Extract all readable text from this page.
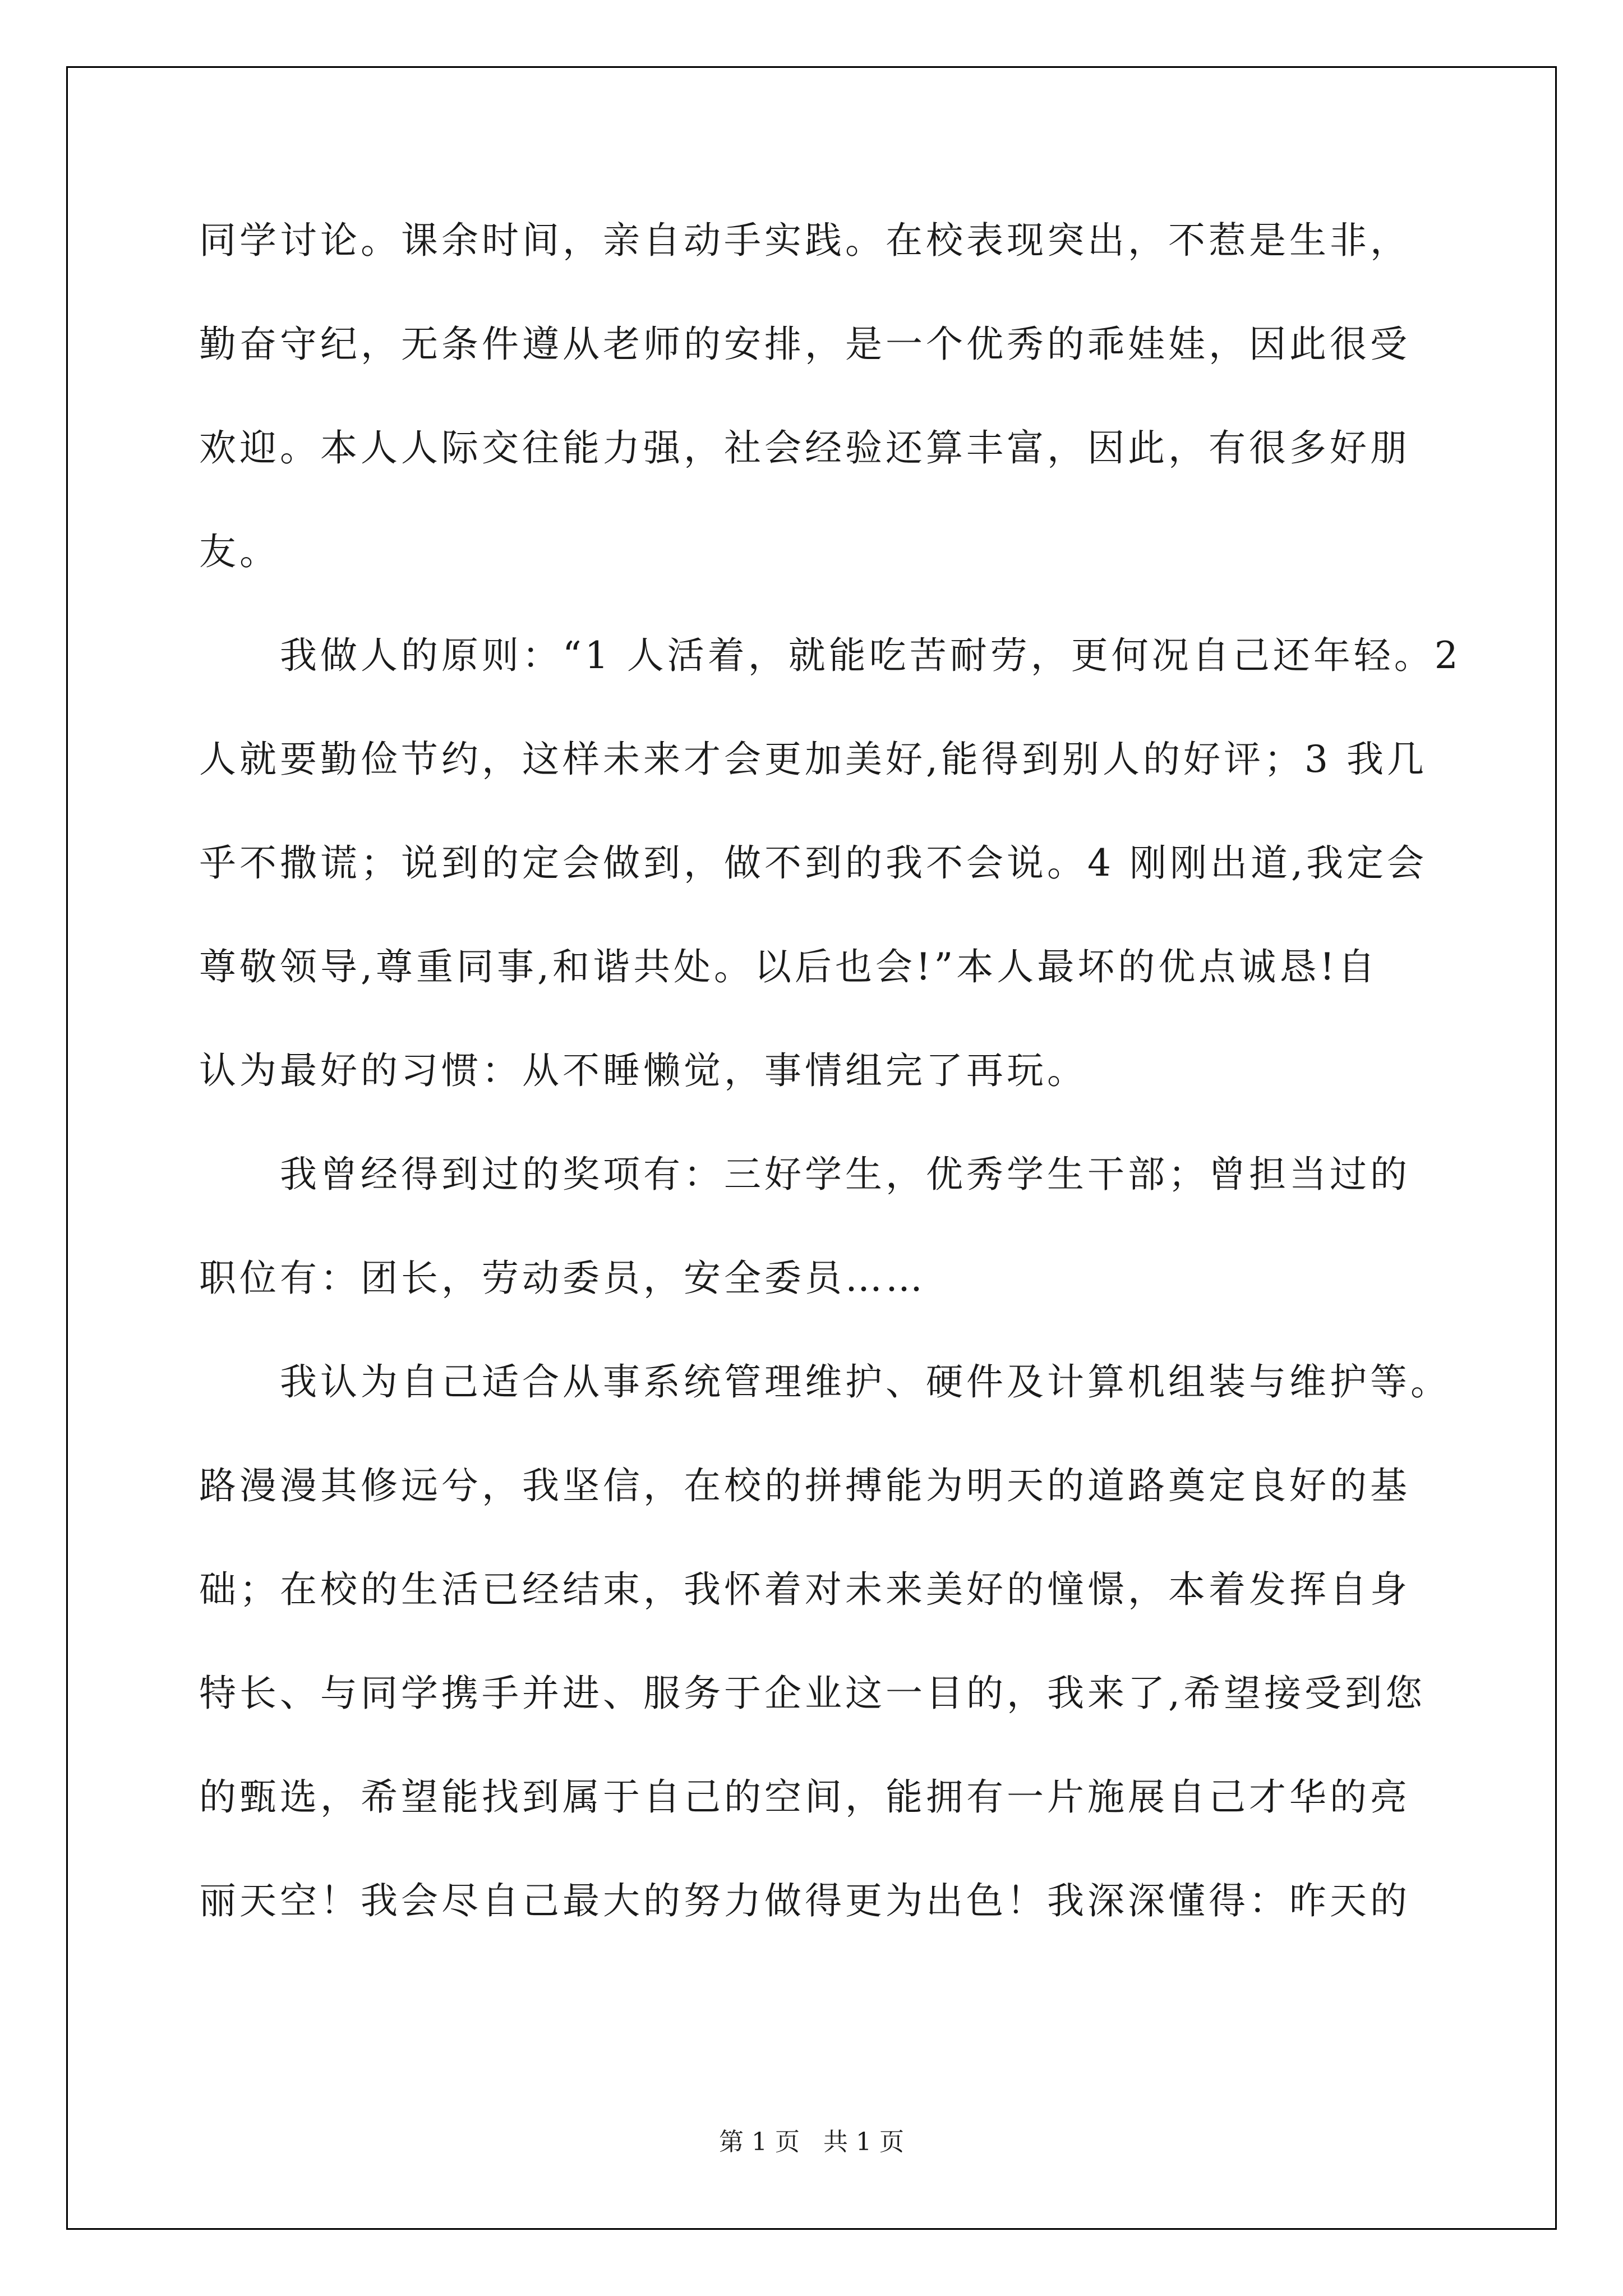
同学讨论。课余时间，亲自动手实践。在校表现突出，不惹是生非，
勤奋守纪，无条件遵从老师的安排，是一个优秀的乖娃娃，因此很受
欢迎。本人人际交往能力强，社会经验还算丰富，因此，有很多好朋
友。
我做人的原则：“1 人活着，就能吃苦耐劳，更何况自己还年轻。2
人就要勤俭节约，这样未来才会更加美好,能得到别人的好评；3 我几
乎不撒谎；说到的定会做到，做不到的我不会说。4 刚刚出道,我定会
尊敬领导,尊重同事,和谐共处。以后也会!”本人最坏的优点诚恳!自
认为最好的习惯：从不睡懒觉，事情组完了再玩。
我曾经得到过的奖项有：三好学生，优秀学生干部；曾担当过的
职位有：团长，劳动委员，安全委员……
我认为自己适合从事系统管理维护、硬件及计算机组装与维护等。
路漫漫其修远兮，我坚信，在校的拼搏能为明天的道路奠定良好的基
础；在校的生活已经结束，我怀着对未来美好的憧憬，本着发挥自身
特长、与同学携手并进、服务于企业这一目的，我来了,希望接受到您
的甄选，希望能找到属于自己的空间，能拥有一片施展自己才华的亮
丽天空！我会尽自己最大的努力做得更为出色！我深深懂得：昨天的
第 1 页 共 1 页
